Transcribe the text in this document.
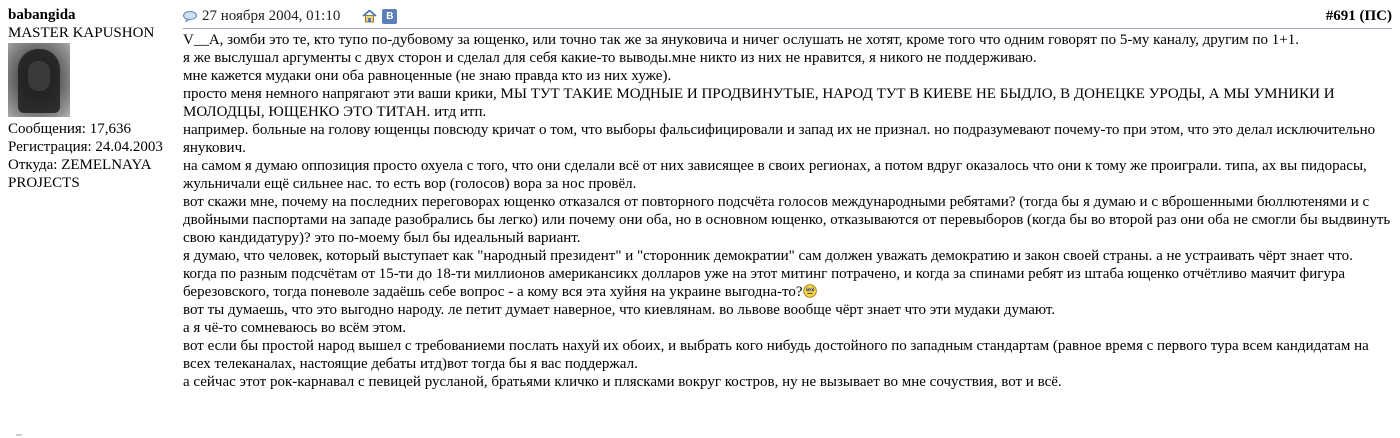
babangida
MASTER KAPUSHON
Сообщения: 17,636
Регистрация: 24.04.2003
Откуда: ZEMELNAYA PROJECTS
27 ноября 2004, 01:10	B	#691 (ПС)

V__A, зомби это те, кто тупо по-дубовому за ющенко, или точно так же за януковича и ничег ослушать не хотят, кроме того что одним говорят по 5-му каналу, другим по 1+1.

я же выслушал аргументы с двух сторон и сделал для себя какие-то выводы.мне никто из них не нравится, я никого не поддерживаю.

мне кажется мудаки они оба равноценные (не знаю правда кто из них хуже).

просто меня немного напрягают эти ваши крики, МЫ ТУТ ТАКИЕ МОДНЫЕ И ПРОДВИНУТЫЕ, НАРОД ТУТ В КИЕВЕ НЕ БЫДЛО, В ДОНЕЦКЕ УРОДЫ, А МЫ УМНИКИ И МОЛОДЦЫ, ЮЩЕНКО ЭТО ТИТАН. итд итп.

например. больные на голову ющенцы повсюду кричат о том, что выборы фальсифицировали и запад их не признал. но подразумевают почему-то при этом, что это делал исключительно янукович.

на самом я думаю оппозиция просто охуела с того, что они сделали всё от них зависящее в своих регионах, а потом вдруг оказалось что они к тому же проиграли. типа, ах вы пидорасы, жульничали ещё сильнее нас. то есть вор (голосов) вора за нос провёл.

вот скажи мне, почему на последних переговорах ющенко отказался от повторного подсчёта голосов международными ребятами? (тогда бы я думаю и с вброшенными бюллютенями и с двойными паспортами на западе разобрались бы легко) или почему они оба, но в основном ющенко, отказываются от перевыборов (когда бы во второй раз они оба не смогли бы выдвинуть свою кандидатуру)? это по-моему был бы идеальный вариант.

я думаю, что человек, который выступает как "народный президент" и "сторонник демократии" сам должен уважать демократию и закон своей страны. а не устраивать чёрт знает что.

когда по разным подсчётам от 15-ти до 18-ти миллионов американсикх долларов уже на этот митинг потрачено, и когда за спинами ребят из штаба ющенко отчётливо маячит фигура березовского, тогда поневоле задаёшь себе вопрос - а кому вся эта хуйня на украине выгодна-то?

вот ты думаешь, что это выгодно народу. ле петит думает наверное, что киевлянам. во львове вообще чёрт знает что эти мудаки думают.

а я чё-то сомневаюсь во всём этом.

вот если бы простой народ вышел с требованиеми послать нахуй их обоих, и выбрать кого нибудь достойного по западным стандартам (равное время с первого тура всем кандидатам на всех телеканалах, настоящие дебаты итд)вот тогда бы я вас поддержал.

а сейчас этот рок-карнавал с певицей руслaной, братьями кличко и плясками вокруг костров, ну не вызывает во мне сочуствия, вот и всё.
